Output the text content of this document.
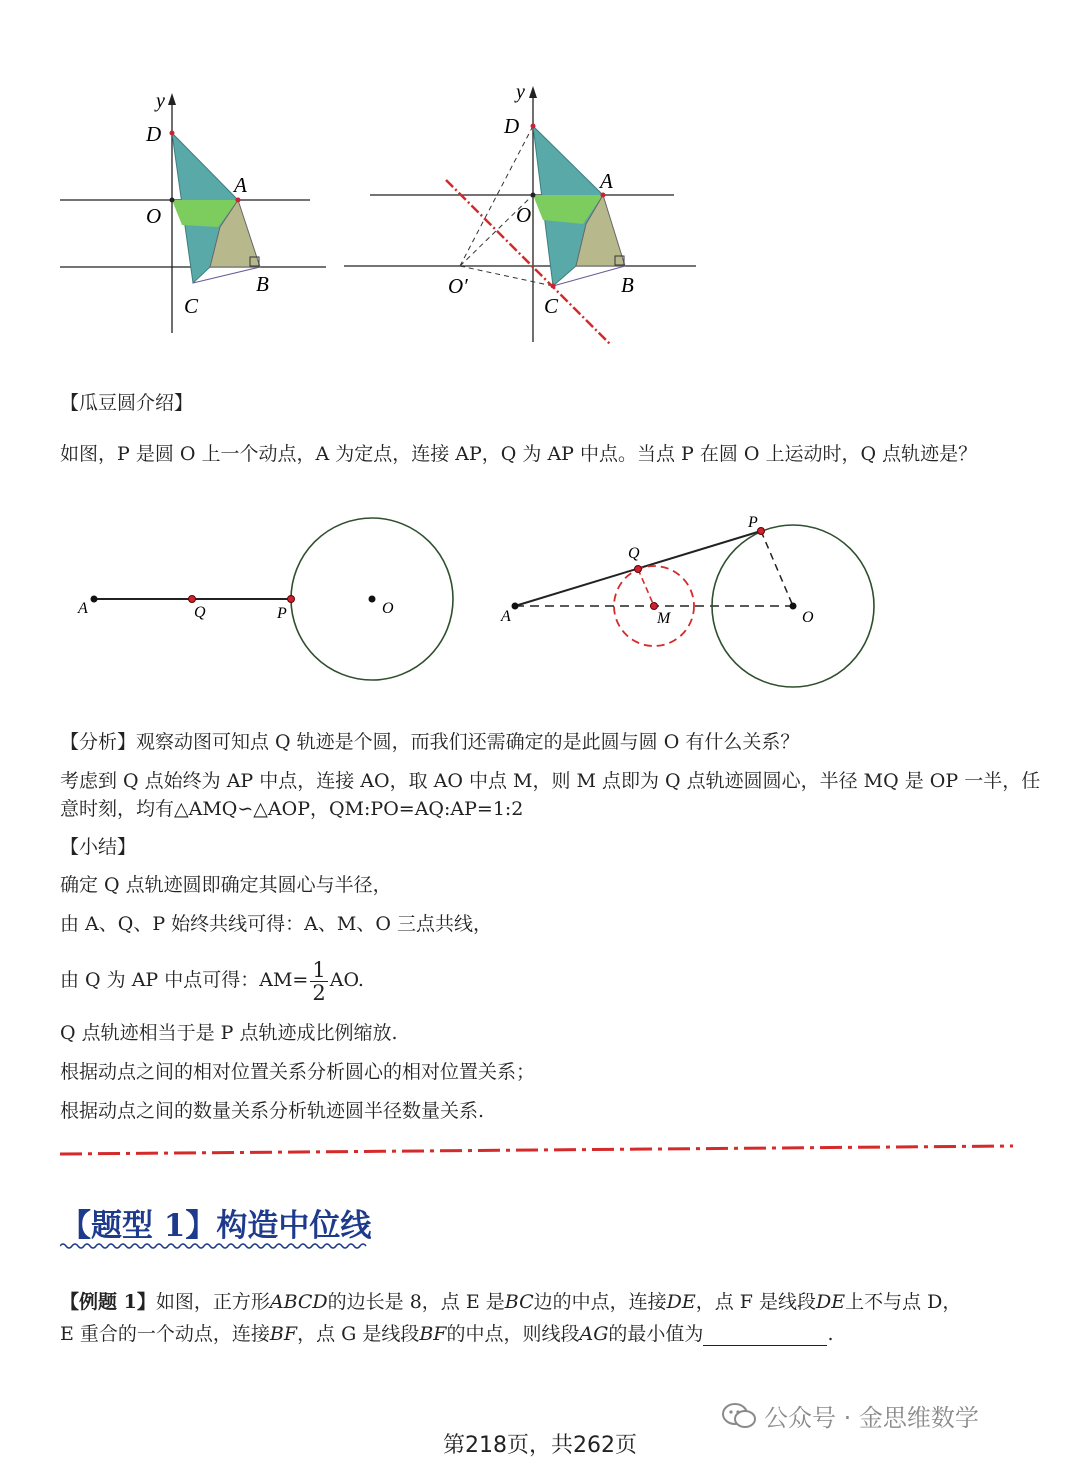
y
D
A
O
C
B
y
D
A
O
C
B
O′
【瓜豆圆介绍】
如图，P 是圆 O 上一个动点，A 为定点，连接 AP，Q 为 AP 中点。当点 P 在圆 O 上运动时，Q 点轨迹是？
A	Q	P	O	A
Q
P
O
M
【分析】观察动图可知点 Q 轨迹是个圆，而我们还需确定的是此圆与圆 O 有什么关系？
考虑到 Q 点始终为 AP 中点，连接 AO，取 AO 中点 M，则 M 点即为 Q 点轨迹圆圆心，半径 MQ 是 OP 一半，任
意时刻，均有△AMQ∽△AOP，QM:PO=AQ:AP=1:2
【小结】
确定 Q 点轨迹圆即确定其圆心与半径，
由 A、Q、P 始终共线可得：A、M、O 三点共线，
由 Q 为 AP 中点可得：$AM= \frac{1}{2}$ AO.
Q 点轨迹相当于是 P 点轨迹成比例缩放.
根据动点之间的相对位置关系分析圆心的相对位置关系；
根据动点之间的数量关系分析轨迹圆半径数量关系.
【题型 1】构造中位线
【例题 1】如图，正方形ABCD的边长是 8，点 E 是BC边的中点，连接DE，点 F 是线段DE上不与点 D，
E 重合的一个动点，连接BF，点 G 是线段BF的中点，则线段AG的最小值为	.
公众号 · 金思维数学
第218页，共262页
